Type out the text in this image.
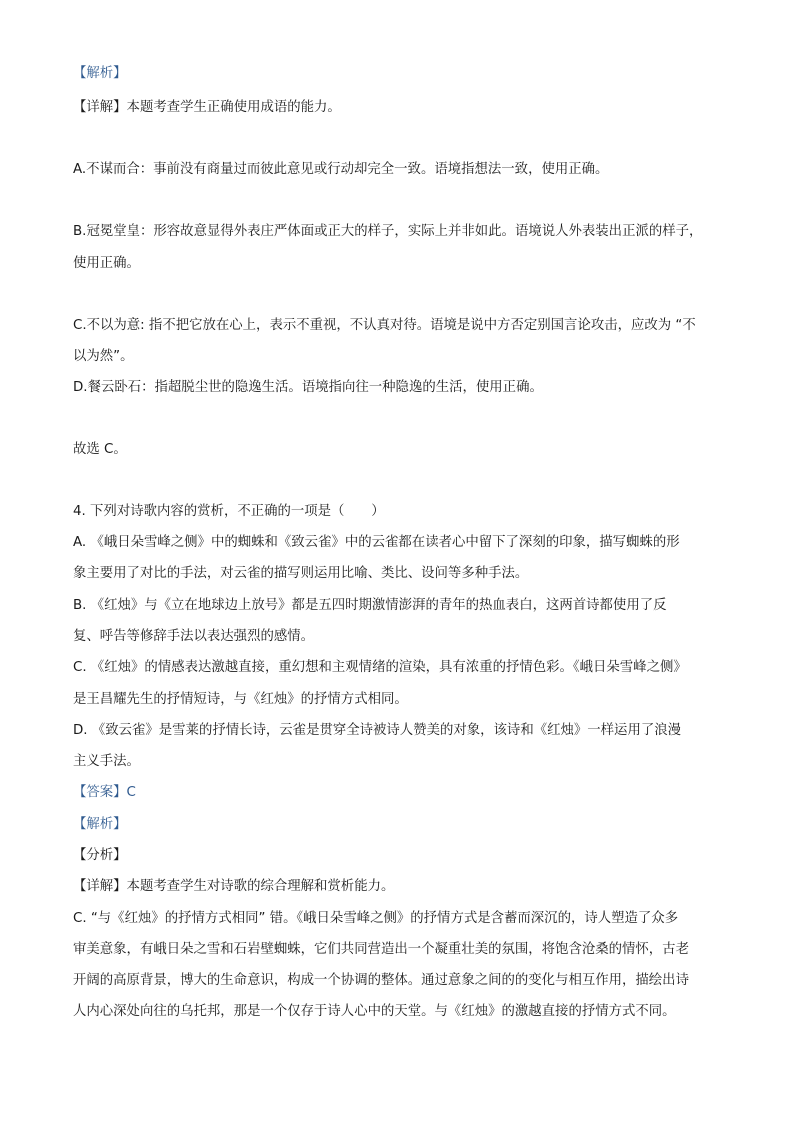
【解析】

【详解】本题考查学生正确使用成语的能力。

A.不谋而合：事前没有商量过而彼此意见或行动却完全一致。语境指想法一致，使用正确。

B.冠冕堂皇：形容故意显得外表庄严体面或正大的样子，实际上并非如此。语境说人外表装出正派的样子，

使用正确。

C.不以为意: 指不把它放在心上，表示不重视，不认真对待。语境是说中方否定别国言论攻击，应改为 “不

以为然”。

D.餐云卧石：指超脱尘世的隐逸生活。语境指向往一种隐逸的生活，使用正确。

故选 C。

4. 下列对诗歌内容的赏析，不正确的一项是（　　）

A. 《峨日朵雪峰之侧》中的蜘蛛和《致云雀》中的云雀都在读者心中留下了深刻的印象，描写蜘蛛的形

象主要用了对比的手法，对云雀的描写则运用比喻、类比、设问等多种手法。

B. 《红烛》与《立在地球边上放号》都是五四时期激情澎湃的青年的热血表白，这两首诗都使用了反

复、呼告等修辞手法以表达强烈的感情。

C. 《红烛》的情感表达激越直接，重幻想和主观情绪的渲染，具有浓重的抒情色彩。《峨日朵雪峰之侧》

是王昌耀先生的抒情短诗，与《红烛》的抒情方式相同。

D. 《致云雀》是雪莱的抒情长诗，云雀是贯穿全诗被诗人赞美的对象，该诗和《红烛》一样运用了浪漫

主义手法。

【答案】C

【解析】

【分析】

【详解】本题考查学生对诗歌的综合理解和赏析能力。

C. “与《红烛》的抒情方式相同” 错。《峨日朵雪峰之侧》的抒情方式是含蓄而深沉的，诗人塑造了众多

审美意象，有峨日朵之雪和石岩壁蜘蛛，它们共同营造出一个凝重壮美的氛围，将饱含沧桑的情怀，古老

开阔的高原背景，博大的生命意识，构成一个协调的整体。通过意象之间的的变化与相互作用，描绘出诗

人内心深处向往的乌托邦，那是一个仅存于诗人心中的天堂。与《红烛》的激越直接的抒情方式不同。
